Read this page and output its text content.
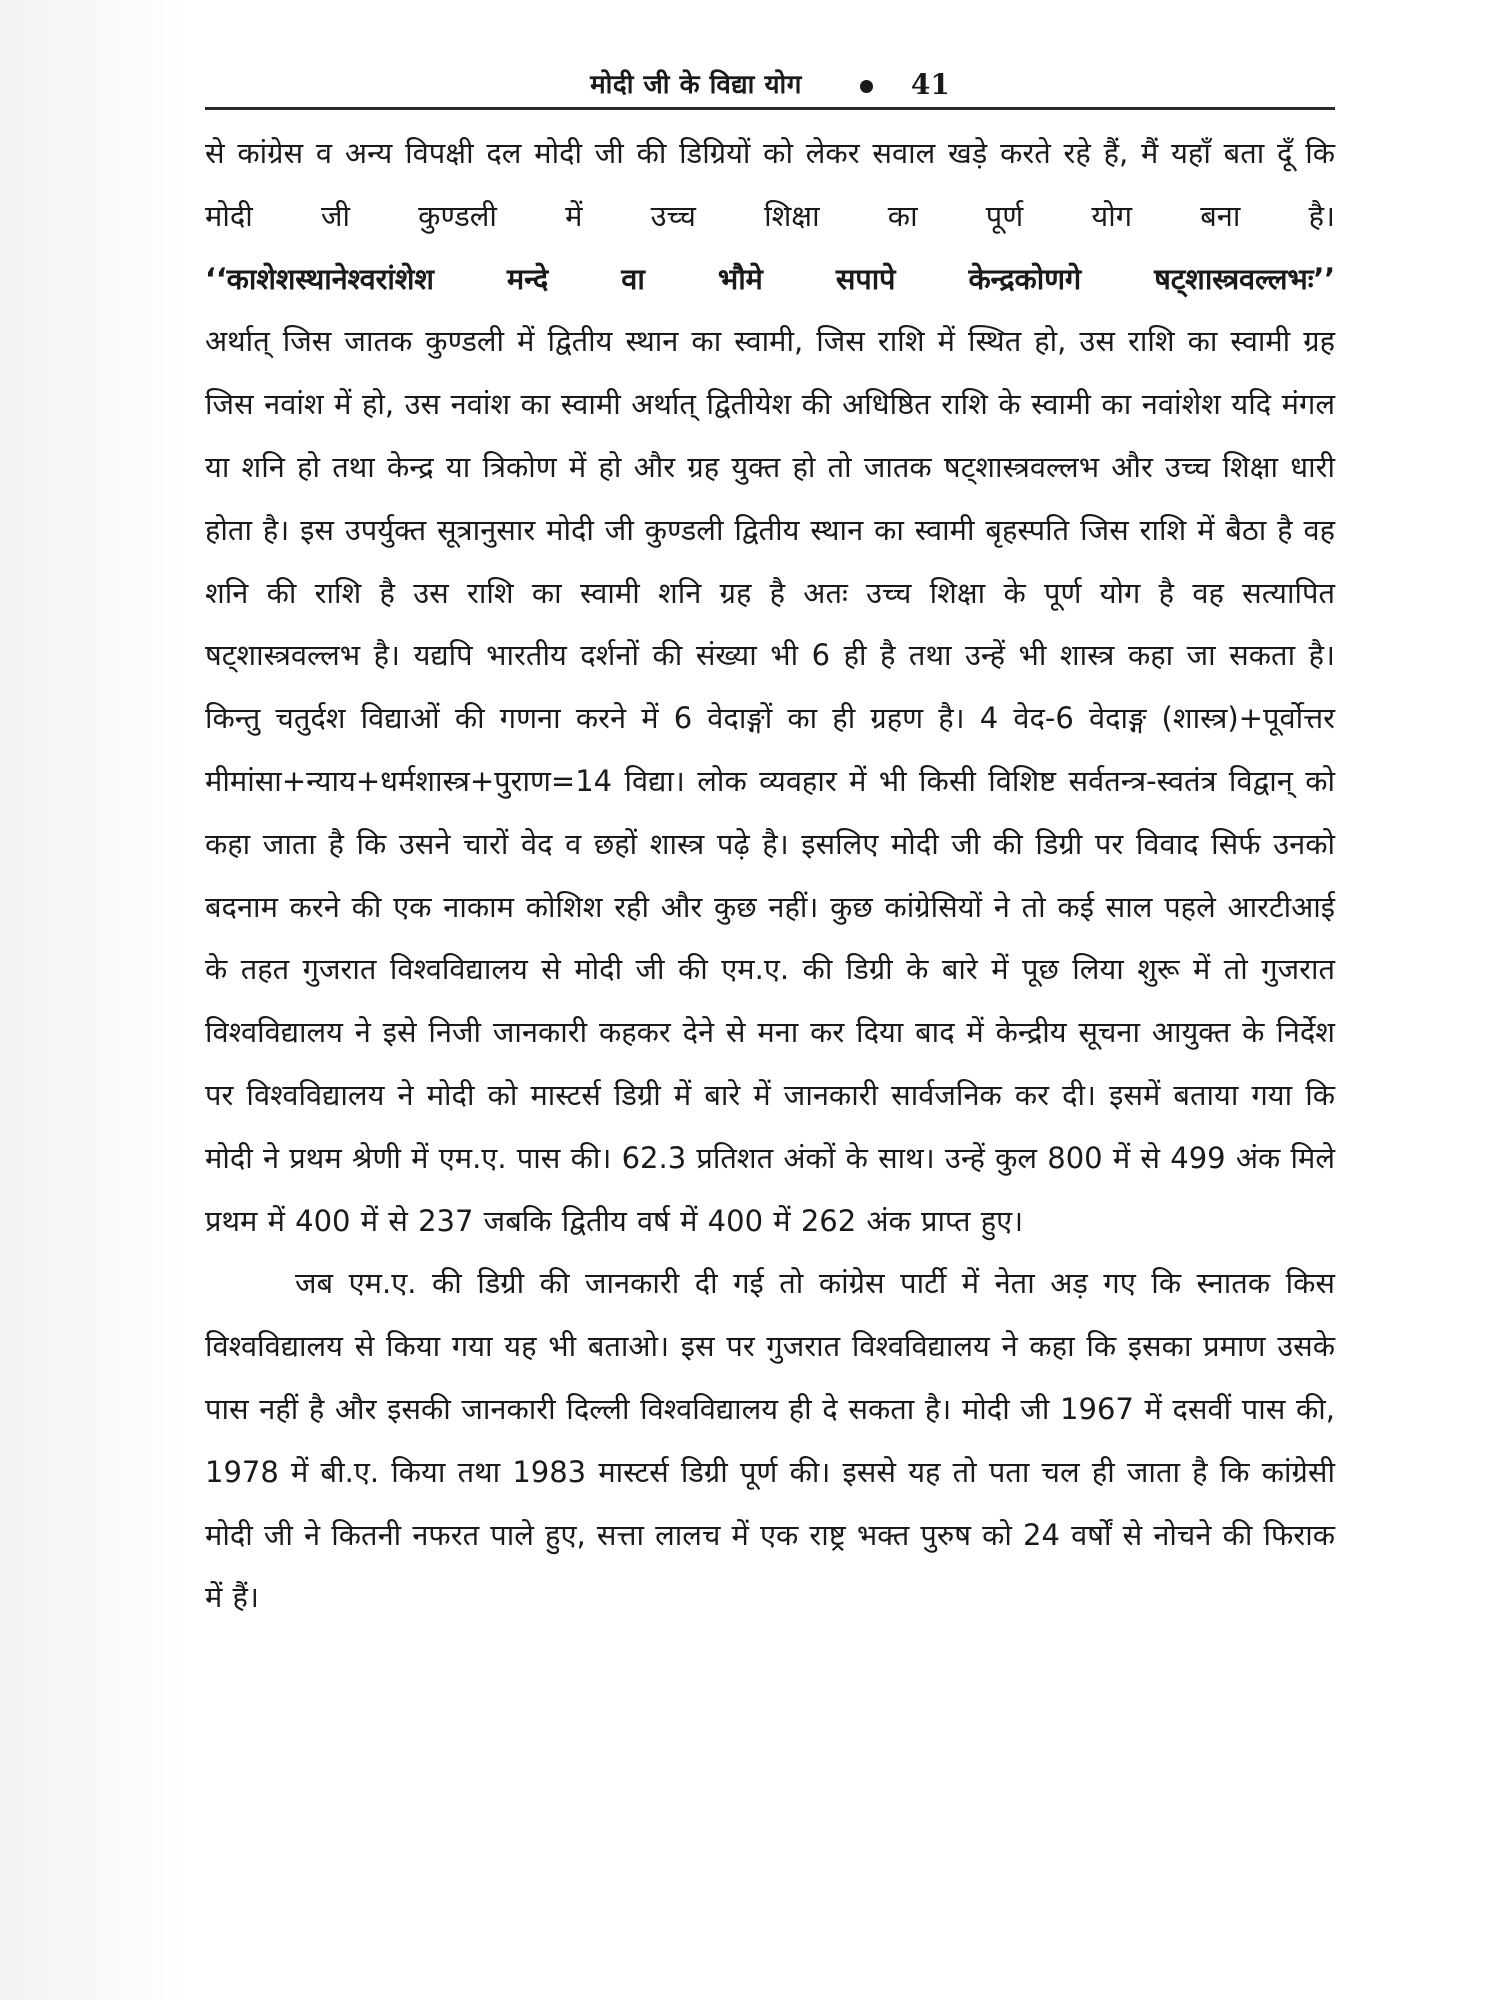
मोदी जी के विद्या योग	41

से कांग्रेस व अन्य विपक्षी दल मोदी जी की डिग्रियों को लेकर सवाल खड़े करते रहे हैं, मैं यहाँ बता दूँ कि मोदी जी कुण्डली में उच्च शिक्षा का पूर्ण योग बना है।

‘‘काशेशस्थानेश्वरांशेश मन्दे वा भौमे सपापे केन्द्रकोणगे षट्शास्त्रवल्लभः’’

अर्थात् जिस जातक कुण्डली में द्वितीय स्थान का स्वामी, जिस राशि में स्थित हो, उस राशि का स्वामी ग्रह जिस नवांश में हो, उस नवांश का स्वामी अर्थात् द्वितीयेश की अधिष्ठित राशि के स्वामी का नवांशेश यदि मंगल या शनि हो तथा केन्द्र या त्रिकोण में हो और ग्रह युक्त हो तो जातक षट्शास्त्रवल्लभ और उच्च शिक्षा धारी होता है। इस उपर्युक्त सूत्रानुसार मोदी जी कुण्डली द्वितीय स्थान का स्वामी बृहस्पति जिस राशि में बैठा है वह शनि की राशि है उस राशि का स्वामी शनि ग्रह है अतः उच्च शिक्षा के पूर्ण योग है वह सत्यापित षट्शास्त्रवल्लभ है। यद्यपि भारतीय दर्शनों की संख्या भी 6 ही है तथा उन्हें भी शास्त्र कहा जा सकता है। किन्तु चतुर्दश विद्याओं की गणना करने में 6 वेदाङ्गों का ही ग्रहण है। 4 वेद-6 वेदाङ्ग (शास्त्र)+पूर्वोत्तर मीमांसा+न्याय+धर्मशास्त्र+पुराण=14 विद्या। लोक व्यवहार में भी किसी विशिष्ट सर्वतन्त्र-स्वतंत्र विद्वान् को कहा जाता है कि उसने चारों वेद व छहों शास्त्र पढ़े है। इसलिए मोदी जी की डिग्री पर विवाद सिर्फ उनको बदनाम करने की एक नाकाम कोशिश रही और कुछ नहीं। कुछ कांग्रेसियों ने तो कई साल पहले आरटीआई के तहत गुजरात विश्वविद्यालय से मोदी जी की एम.ए. की डिग्री के बारे में पूछ लिया शुरू में तो गुजरात विश्वविद्यालय ने इसे निजी जानकारी कहकर देने से मना कर दिया बाद में केन्द्रीय सूचना आयुक्त के निर्देश पर विश्वविद्यालय ने मोदी को मास्टर्स डिग्री में बारे में जानकारी सार्वजनिक कर दी। इसमें बताया गया कि मोदी ने प्रथम श्रेणी में एम.ए. पास की। 62.3 प्रतिशत अंकों के साथ। उन्हें कुल 800 में से 499 अंक मिले प्रथम में 400 में से 237 जबकि द्वितीय वर्ष में 400 में 262 अंक प्राप्त हुए।

जब एम.ए. की डिग्री की जानकारी दी गई तो कांग्रेस पार्टी में नेता अड़ गए कि स्नातक किस विश्वविद्यालय से किया गया यह भी बताओ। इस पर गुजरात विश्वविद्यालय ने कहा कि इसका प्रमाण उसके पास नहीं है और इसकी जानकारी दिल्ली विश्वविद्यालय ही दे सकता है। मोदी जी 1967 में दसवीं पास की, 1978 में बी.ए. किया तथा 1983 मास्टर्स डिग्री पूर्ण की। इससे यह तो पता चल ही जाता है कि कांग्रेसी मोदी जी ने कितनी नफरत पाले हुए, सत्ता लालच में एक राष्ट्र भक्त पुरुष को 24 वर्षों से नोचने की फिराक में हैं।
